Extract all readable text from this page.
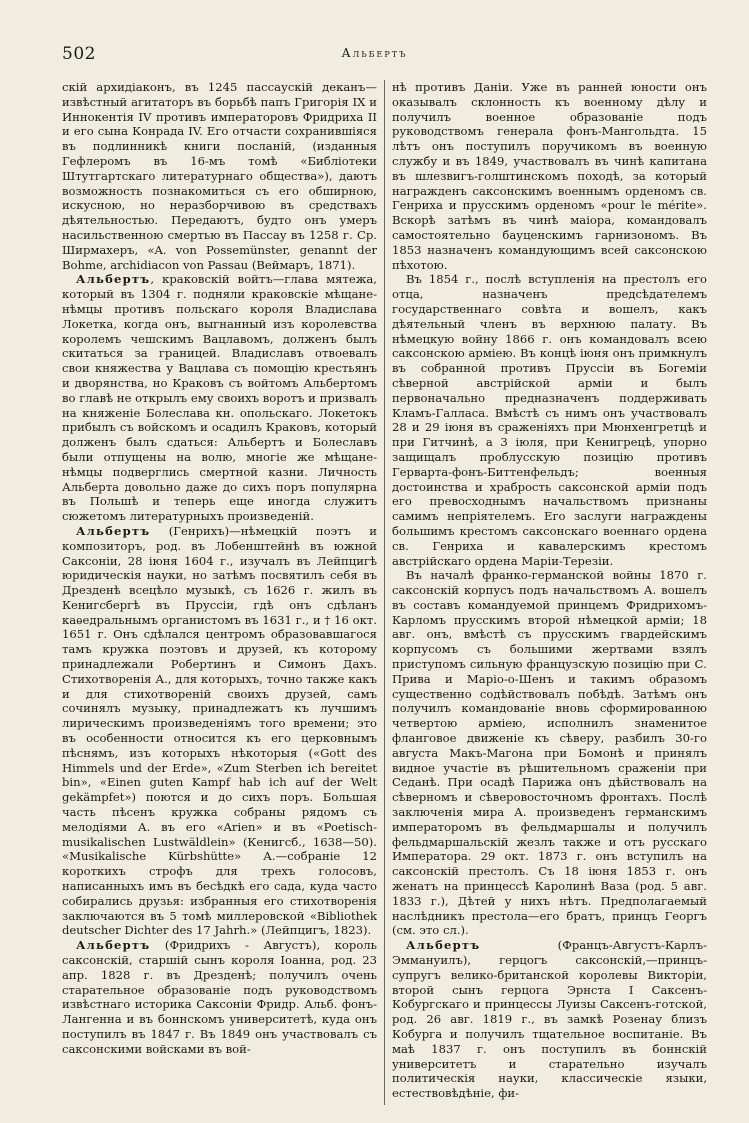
502	Альбертъ

скій архидіаконъ, въ 1245 пассаускій деканъ—извѣстный агитаторъ въ борьбѣ папъ Григорія IX и Иннокентія IV противъ императоровъ Фридриха II и его сына Конрада IV. Его отчасти сохранившіяся въ подлинникѣ книги посланій, (изданныя Гефлеромъ въ 16-мъ томѣ «Библіотеки Штутгартскаго литературнаго общества»), даютъ возможность познакомиться съ его обширною, искусною, но неразборчивою въ средствахъ дѣятельностью. Передаютъ, будто онъ умеръ насильственною смертью въ Пассау въ 1258 г. Ср. Ширмахеръ, «A. von Possemünster, genannt der Bohme, archidiacon von Passau (Веймаръ, 1871).

Альбертъ, краковскій войтъ—глава мятежа, который въ 1304 г. подняли краковскіе мѣщане-нѣмцы противъ польскаго короля Владислава Локетка, когда онъ, выгнанный изъ королевства королемъ чешскимъ Вацлавомъ, долженъ былъ скитаться за границей. Владиславъ отвоевалъ свои княжества у Вацлава съ помощію крестьянъ и дворянства, но Краковъ съ войтомъ Альбертомъ во главѣ не открылъ ему своихъ воротъ и призвалъ на княженіе Болеслава кн. опольскаго. Локетокъ прибылъ съ войскомъ и осадилъ Краковъ, который долженъ былъ сдаться: Альбертъ и Болеславъ были отпущены на волю, многіе же мѣщане-нѣмцы подверглись смертной казни. Личность Альберта довольно даже до сихъ поръ популярна въ Польшѣ и теперь еще иногда служитъ сюжетомъ литературныхъ произведеній.

Альбертъ (Генрихъ)—нѣмецкій поэтъ и композиторъ, род. въ Лобенштейнѣ въ южной Саксоніи, 28 іюня 1604 г., изучалъ въ Лейпцигѣ юридическія науки, но затѣмъ посвятилъ себя въ Дрезденѣ всецѣло музыкѣ, съ 1626 г. жилъ въ Кенигсбергѣ въ Пруссіи, гдѣ онъ сдѣланъ каѳедральнымъ органистомъ въ 1631 г., и † 16 окт. 1651 г. Онъ сдѣлался центромъ образовавшагося тамъ кружка поэтовъ и друзей, къ которому принадлежали Робертинъ и Симонъ Дахъ. Стихотворенія А., для которыхъ, точно также какъ и для стихотвореній своихъ друзей, самъ сочинялъ музыку, принадлежатъ къ лучшимъ лирическимъ произведеніямъ того времени; это въ особенности относится къ его церковнымъ пѣснямъ, изъ которыхъ нѣкоторыя («Gott des Himmels und der Erde», «Zum Sterben ich bereitet bin», «Einen guten Kampf hab ich auf der Welt gekämpfet») поются и до сихъ поръ. Большая часть пѣсенъ кружка собраны рядомъ съ мелодіями А. въ его «Arien» и въ «Poetisch-musikalischen Lustwäldlein» (Кенигсб., 1638—50). «Musikalische Kürbshütte» А.—собраніе 12 короткихъ строфъ для трехъ голосовъ, написанныхъ имъ въ бесѣдкѣ его сада, куда часто собирались друзья: избранныя его стихотворенія заключаются въ 5 томѣ миллеровской «Bibliothek deutscher Dichter des 17 Jahrh.» (Лейпцигъ, 1823).

Альбертъ (Фридрихъ - Августъ), король саксонскій, старшій сынъ короля Іоанна, род. 23 апр. 1828 г. въ Дрезденѣ; получилъ очень старательное образованіе подъ руководствомъ извѣстнаго историка Саксоніи Фридр. Альб. фонъ-Лангенна и въ боннскомъ университетѣ, куда онъ поступилъ въ 1847 г. Въ 1849 онъ участвовалъ съ саксонскими войсками въ вой-

нѣ противъ Даніи. Уже въ ранней юности онъ оказывалъ склонность къ военному дѣлу и получилъ военное образованіе подъ руководствомъ генерала фонъ-Мангольдта. 15 лѣтъ онъ поступилъ поручикомъ въ военную службу и въ 1849, участвовалъ въ чинѣ капитана въ шлезвигъ-голштинскомъ походѣ, за который награжденъ саксонскимъ военнымъ орденомъ св. Генриха и прусскимъ орденомъ «pour le mérite». Вскорѣ затѣмъ въ чинѣ маіора, командовалъ самостоятельно бауценскимъ гарнизономъ. Въ 1853 назначенъ командующимъ всей саксонскою пѣхотою.

Въ 1854 г., послѣ вступленія на престолъ его отца, назначенъ предсѣдателемъ государственнаго совѣта и вошелъ, какъ дѣятельный членъ въ верхнюю палату. Въ нѣмецкую войну 1866 г. онъ командовалъ всею саксонскою арміею. Въ концѣ іюня онъ примкнулъ въ собранной противъ Пруссіи въ Богеміи сѣверной австрійской арміи и былъ первоначально предназначенъ поддерживать Кламъ-Галласа. Вмѣстѣ съ нимъ онъ участвовалъ 28 и 29 іюня въ сраженіяхъ при Мюнхенгретцѣ и при Гитчинѣ, а 3 іюля, при Кенигрецѣ, упорно защищалъ проблусскую позицію противъ Герварта-фонъ-Биттенфельдъ; военныя достоинства и храбрость саксонской арміи подъ его превосходнымъ начальствомъ признаны самимъ непріятелемъ. Его заслуги награждены большимъ крестомъ саксонскаго военнаго ордена св. Генриха и кавалерскимъ крестомъ австрійскаго ордена Маріи-Терезіи.

Въ началѣ франко-германской войны 1870 г. саксонскій корпусъ подъ начальствомъ А. вошелъ въ составъ командуемой принцемъ Фридрихомъ-Карломъ прусскимъ второй нѣмецкой арміи; 18 авг. онъ, вмѣстѣ съ прусскимъ гвардейскимъ корпусомъ съ большими жертвами взялъ приступомъ сильную французскую позицію при С. Прива и Маріо-о-Шенъ и такимъ образомъ существенно содѣйствовалъ побѣдѣ. Затѣмъ онъ получилъ командованіе вновь сформированною четвертою арміею, исполнилъ знаменитое фланговое движеніе къ сѣверу, разбилъ 30-го августа Макъ-Магона при Бомонѣ и принялъ видное участіе въ рѣшительномъ сраженіи при Седанѣ. При осадѣ Парижа онъ дѣйствовалъ на сѣверномъ и сѣверовосточномъ фронтахъ. Послѣ заключенія мира А. произведенъ германскимъ императоромъ въ фельдмаршалы и получилъ фельдмаршальскій жезлъ также и отъ русскаго Императора. 29 окт. 1873 г. онъ вступилъ на саксонскій престолъ. Съ 18 іюня 1853 г. онъ женатъ на принцессѣ Каролинѣ Ваза (род. 5 авг. 1833 г.), Дѣтей у нихъ нѣтъ. Предполагаемый наслѣдникъ престола—его братъ, принцъ Георгъ (см. это сл.).

Альбертъ (Францъ-Августъ-Карлъ-Эммануилъ), герцогъ саксонскій,—принцъ-супругъ велико-британской королевы Викторіи, второй сынъ герцога Эрнста I Саксенъ-Кобургскаго и принцессы Луизы Саксенъ-готской, род. 26 авг. 1819 г., въ замкѣ Розенау близъ Кобурга и получилъ тщательное воспитаніе. Въ маѣ 1837 г. онъ поступилъ въ боннскій университетъ и старательно изучалъ политическія науки, классическіе языки, естествовѣдѣніе, фи-
